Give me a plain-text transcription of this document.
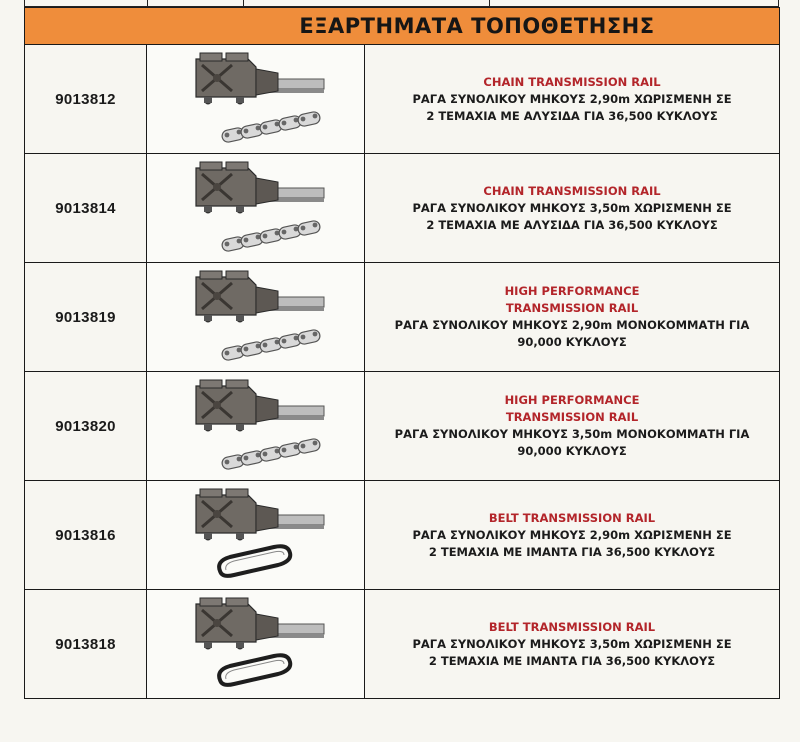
ΕΞΑΡΤΗΜΑΤΑ ΤΟΠΟΘΕΤΗΣΗΣ		
9013812		CHAIN TRANSMISSION RAIL
ΡΑΓΑ ΣΥΝΟΛΙΚΟΥ ΜΗΚΟΥΣ 2,90m ΧΩΡΙΣΜΕΝΗ ΣΕ
2 ΤΕΜΑΧΙΑ ΜΕ ΑΛΥΣΙΔΑ ΓΙΑ 36,500 ΚΥΚΛΟΥΣ

9013814		CHAIN TRANSMISSION RAIL
ΡΑΓΑ ΣΥΝΟΛΙΚΟΥ ΜΗΚΟΥΣ 3,50m ΧΩΡΙΣΜΕΝΗ ΣΕ
2 ΤΕΜΑΧΙΑ ΜΕ ΑΛΥΣΙΔΑ ΓΙΑ 36,500 ΚΥΚΛΟΥΣ

9013819		HIGH PERFORMANCE
TRANSMISSION RAIL
ΡΑΓΑ ΣΥΝΟΛΙΚΟΥ ΜΗΚΟΥΣ 2,90m ΜΟΝΟΚΟΜΜΑΤΗ ΓΙΑ
90,000 ΚΥΚΛΟΥΣ

9013820		HIGH PERFORMANCE
TRANSMISSION RAIL
ΡΑΓΑ ΣΥΝΟΛΙΚΟΥ ΜΗΚΟΥΣ 3,50m ΜΟΝΟΚΟΜΜΑΤΗ ΓΙΑ
90,000 ΚΥΚΛΟΥΣ

9013816		BELT TRANSMISSION RAIL
ΡΑΓΑ ΣΥΝΟΛΙΚΟΥ ΜΗΚΟΥΣ 2,90m ΧΩΡΙΣΜΕΝΗ ΣΕ
2 ΤΕΜΑΧΙΑ ΜΕ ΙΜΑΝΤΑ ΓΙΑ 36,500 ΚΥΚΛΟΥΣ

9013818		BELT TRANSMISSION RAIL
ΡΑΓΑ ΣΥΝΟΛΙΚΟΥ ΜΗΚΟΥΣ 3,50m ΧΩΡΙΣΜΕΝΗ ΣΕ
2 ΤΕΜΑΧΙΑ ΜΕ ΙΜΑΝΤΑ ΓΙΑ 36,500 ΚΥΚΛΟΥΣ
